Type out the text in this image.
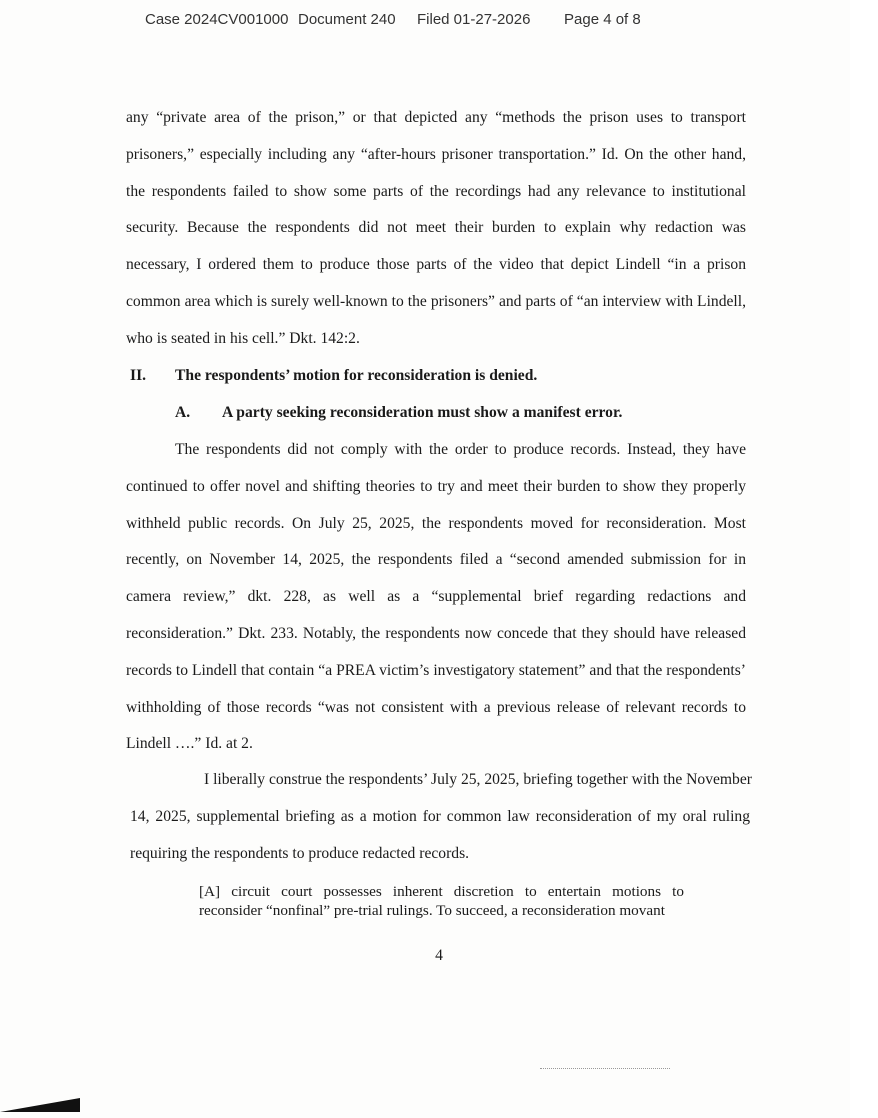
Case 2024CV001000 Document 240 Filed 01-27-2026 Page 4 of 8
any “private area of the prison,” or that depicted any “methods the prison uses to transport
prisoners,” especially including any “after-hours prisoner transportation.” Id. On the other hand,
the respondents failed to show some parts of the recordings had any relevance to institutional
security. Because the respondents did not meet their burden to explain why redaction was
necessary, I ordered them to produce those parts of the video that depict Lindell “in a prison
common area which is surely well-known to the prisoners” and parts of “an interview with Lindell,
who is seated in his cell.” Dkt. 142:2.
II. The respondents’ motion for reconsideration is denied.
A. A party seeking reconsideration must show a manifest error.
The respondents did not comply with the order to produce records. Instead, they have
continued to offer novel and shifting theories to try and meet their burden to show they properly
withheld public records. On July 25, 2025, the respondents moved for reconsideration. Most
recently, on November 14, 2025, the respondents filed a “second amended submission for in
camera review,” dkt. 228, as well as a “supplemental brief regarding redactions and
reconsideration.” Dkt. 233. Notably, the respondents now concede that they should have released
records to Lindell that contain “a PREA victim’s investigatory statement” and that the respondents’
withholding of those records “was not consistent with a previous release of relevant records to
Lindell ….” Id. at 2.
I liberally construe the respondents’ July 25, 2025, briefing together with the November
14, 2025, supplemental briefing as a motion for common law reconsideration of my oral ruling
requiring the respondents to produce redacted records.
[A] circuit court possesses inherent discretion to entertain motions to
reconsider “nonfinal” pre-trial rulings. To succeed, a reconsideration movant
4
